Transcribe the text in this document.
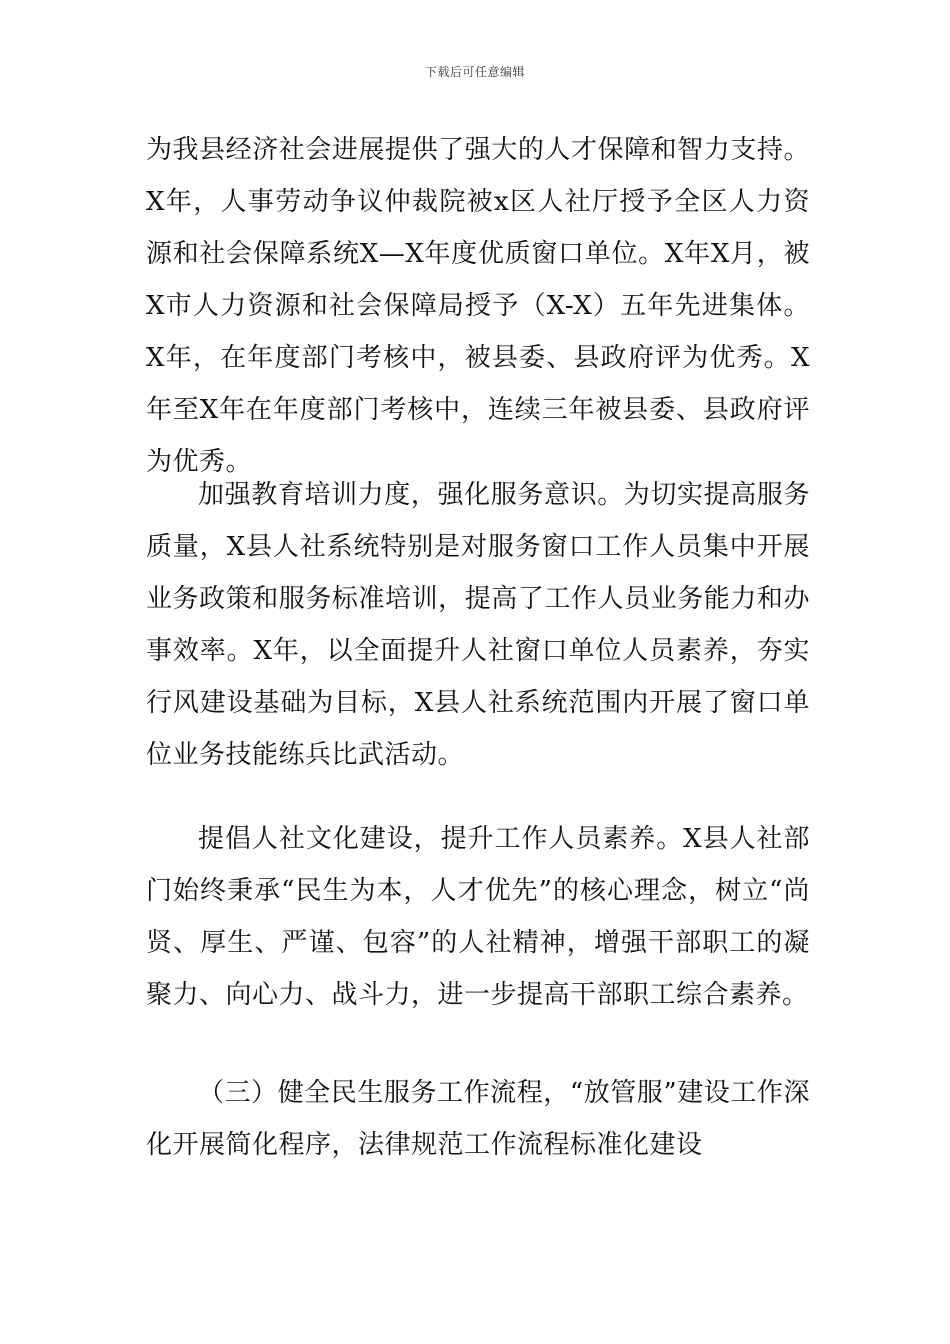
下载后可任意编辑

为我县经济社会进展提供了强大的人才保障和智力支持。X年，人事劳动争议仲裁院被x区人社厅授予全区人力资源和社会保障系统X—X年度优质窗口单位。X年X月，被X市人力资源和社会保障局授予（X-X）五年先进集体。X年，在年度部门考核中，被县委、县政府评为优秀。X年至X年在年度部门考核中，连续三年被县委、县政府评为优秀。

加强教育培训力度，强化服务意识。为切实提高服务质量，X县人社系统特别是对服务窗口工作人员集中开展业务政策和服务标准培训，提高了工作人员业务能力和办事效率。X年，以全面提升人社窗口单位人员素养，夯实行风建设基础为目标，X县人社系统范围内开展了窗口单位业务技能练兵比武活动。

提倡人社文化建设，提升工作人员素养。X县人社部门始终秉承“民生为本，人才优先”的核心理念，树立“尚贤、厚生、严谨、包容”的人社精神，增强干部职工的凝聚力、向心力、战斗力，进一步提高干部职工综合素养。

（三）健全民生服务工作流程，“放管服”建设工作深化开展简化程序，法律规范工作流程标准化建设
